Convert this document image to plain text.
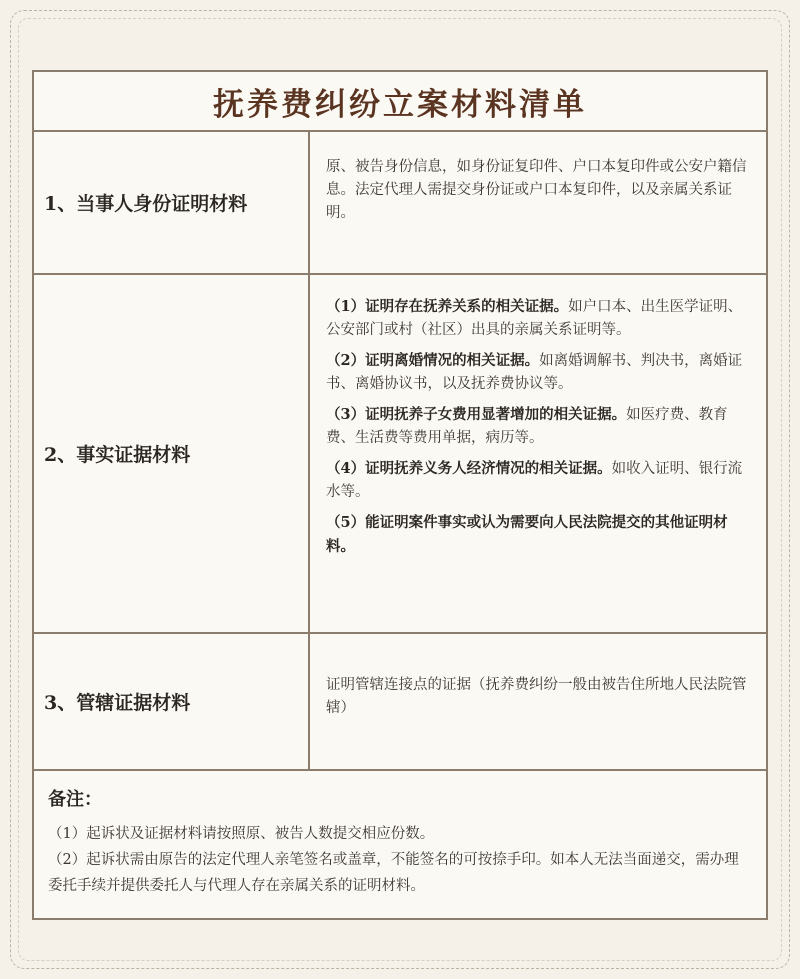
抚养费纠纷立案材料清单
1、当事人身份证明材料
原、被告身份信息，如身份证复印件、户口本复印件或公安户籍信息。法定代理人需提交身份证或户口本复印件，以及亲属关系证明。
2、事实证据材料
（1）证明存在抚养关系的相关证据。如户口本、出生医学证明、公安部门或村（社区）出具的亲属关系证明等。
（2）证明离婚情况的相关证据。如离婚调解书、判决书，离婚证书、离婚协议书，以及抚养费协议等。
（3）证明抚养子女费用显著增加的相关证据。如医疗费、教育费、生活费等费用单据，病历等。
（4）证明抚养义务人经济情况的相关证据。如收入证明、银行流水等。
（5）能证明案件事实或认为需要向人民法院提交的其他证明材料。
3、管辖证据材料
证明管辖连接点的证据（抚养费纠纷一般由被告住所地人民法院管辖）
备注：
（1）起诉状及证据材料请按照原、被告人数提交相应份数。
（2）起诉状需由原告的法定代理人亲笔签名或盖章，不能签名的可按捺手印。如本人无法当面递交，需办理委托手续并提供委托人与代理人存在亲属关系的证明材料。
